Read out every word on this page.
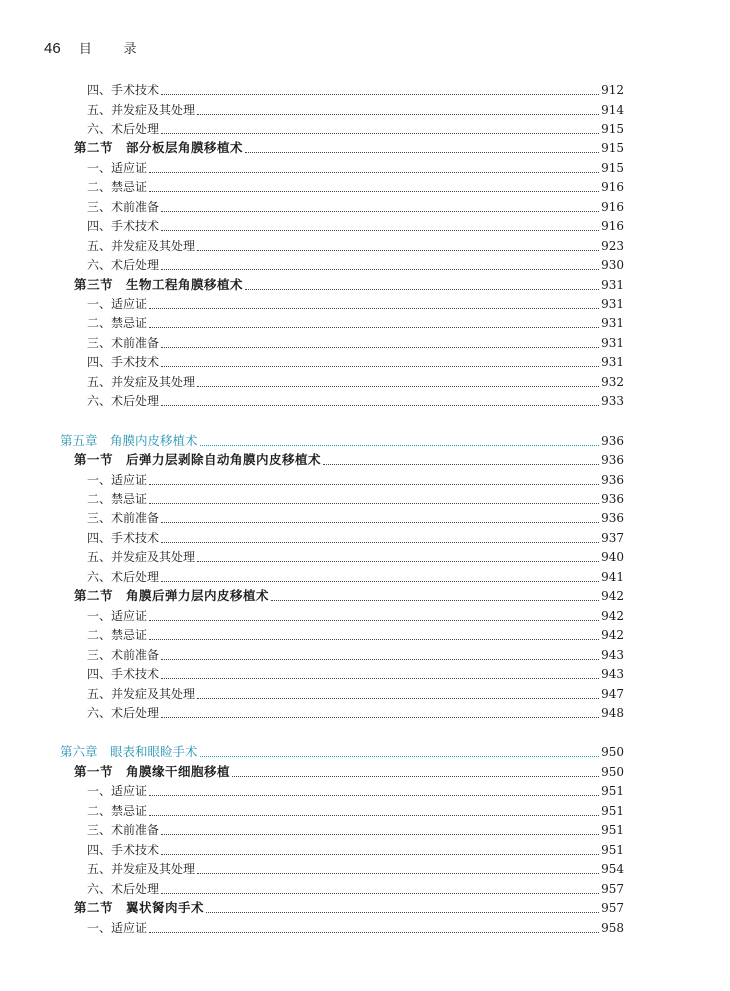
46 目 录
四、手术技术	912
五、并发症及其处理	914
六、术后处理	915
第二节　部分板层角膜移植术	915
一、适应证	915
二、禁忌证	916
三、术前准备	916
四、手术技术	916
五、并发症及其处理	923
六、术后处理	930
第三节　生物工程角膜移植术	931
一、适应证	931
二、禁忌证	931
三、术前准备	931
四、手术技术	931
五、并发症及其处理	932
六、术后处理	933
第五章　角膜内皮移植术	936
第一节　后弹力层剥除自动角膜内皮移植术	936
一、适应证	936
二、禁忌证	936
三、术前准备	936
四、手术技术	937
五、并发症及其处理	940
六、术后处理	941
第二节　角膜后弹力层内皮移植术	942
一、适应证	942
二、禁忌证	942
三、术前准备	943
四、手术技术	943
五、并发症及其处理	947
六、术后处理	948
第六章　眼表和眼睑手术	950
第一节　角膜缘干细胞移植	950
一、适应证	951
二、禁忌证	951
三、术前准备	951
四、手术技术	951
五、并发症及其处理	954
六、术后处理	957
第二节　翼状胬肉手术	957
一、适应证	958
